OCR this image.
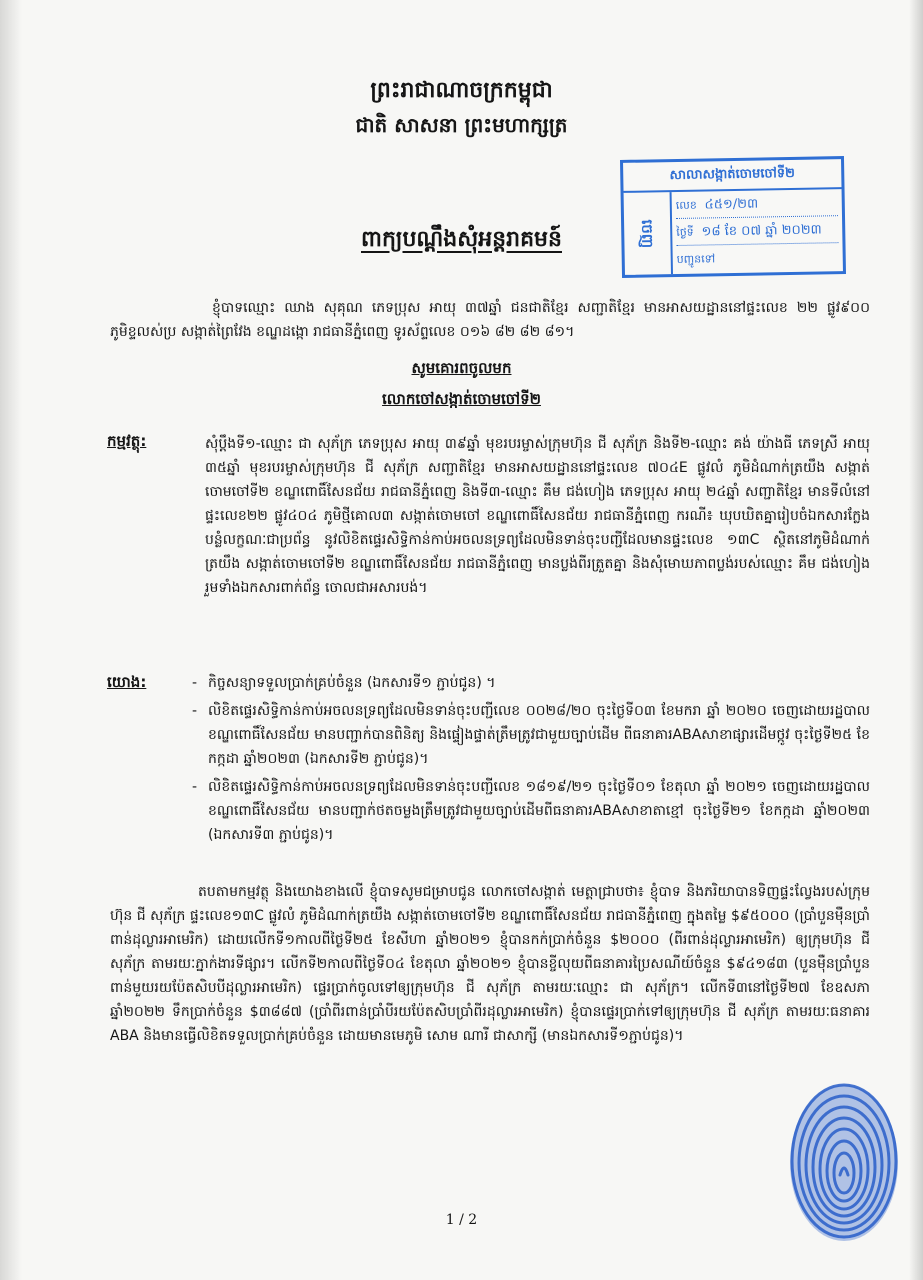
ព្រះរាជាណាចក្រកម្ពុជា
ជាតិ សាសនា ព្រះមហាក្សត្រ
សាលាសង្កាត់ចោមចៅទី២
ចេញ
លេខ ៤៥១/២៣
ថ្ងៃទី ១៨ ខែ ០៧ ឆ្នាំ ២០២៣
បញ្ជូនទៅ
ពាក្យបណ្តឹងសុំអន្តរាគមន៍
ខ្ញុំបាទឈ្មោះ ឈាង សុគុណ ភេទប្រុស អាយុ ៣៧ឆ្នាំ ជនជាតិខ្មែរ សញ្ជាតិខ្មែរ មានអាសយដ្ឋាននៅផ្ទះលេខ ២២ ផ្លូវ៩០០ ភូមិខ្ទលស់ប្រ សង្កាត់ព្រៃវែង ខណ្ឌដង្កោ រាជធានីភ្នំពេញ ទូរស័ព្ទលេខ ០១៦ ៨២ ៨២ ៨១។
សូមគោរពចូលមក
លោកចៅសង្កាត់ចោមចៅទី២
កម្មវត្ថុ:	សុំប្ដឹងទី១-ឈ្មោះ ជា សុភ័ក្រ ភេទប្រុស អាយុ ៣៩ឆ្នាំ មុខរបរម្ចាស់ក្រុមហ៊ុន ជី សុភ័ក្រ និងទី២-ឈ្មោះ គង់ យ៉ាងធី ភេទស្រី អាយុ ៣៥ឆ្នាំ មុខរបរម្ចាស់ក្រុមហ៊ុន ជី សុភ័ក្រ សញ្ជាតិខ្មែរ មានអាសយដ្ឋាននៅផ្ទះលេខ ៧០៤E ផ្លូវលំ ភូមិដំណាក់ត្រយឹង សង្កាត់ចោមចៅទី២ ខណ្ឌពោធិ៍សែនជ័យ រាជធានីភ្នំពេញ និងទី៣-ឈ្មោះ គឹម ជង់ហៀង ភេទប្រុស អាយុ ២៤ឆ្នាំ សញ្ជាតិខ្មែរ មានទីលំនៅផ្ទះលេខ២២ ផ្លូវ៤០៤ ភូមិថ្មីគោល៣ សង្កាត់ចោមចៅ ខណ្ឌពោធិ៍សែនជ័យ រាជធានីភ្នំពេញ ករណី៖ ឃុបឃិតគ្នារៀបចំឯកសារក្លែងបន្លំលក្ខណៈជាប្រព័ន្ធ នូវលិខិតផ្ទេរសិទ្ធិកាន់កាប់អចលនទ្រព្យដែលមិនទាន់ចុះបញ្ជីដែលមានផ្ទះលេខ ១៣C ស្ថិតនៅភូមិដំណាក់ត្រយឹង សង្កាត់ចោមចៅទី២ ខណ្ឌពោធិ៍សែនជ័យ រាជធានីភ្នំពេញ មានប្លង់ពីរត្រួតគ្នា និងសុំមោឃភាពប្លង់របស់ឈ្មោះ គឹម ជង់ហៀង រួមទាំងឯកសារពាក់ព័ន្ធ ចោលជាអសារបង់។
យោង:
-	កិច្ចសន្យាទទួលប្រាក់គ្រប់ចំនួន (ឯកសារទី១ ភ្ជាប់ជូន) ។
- លិខិតផ្ទេរសិទ្ធិកាន់កាប់អចលនទ្រព្យដែលមិនទាន់ចុះបញ្ជីលេខ ០០២៨/២០ ចុះថ្ងៃទី០៣ ខែមករា ឆ្នាំ ២០២០ ចេញដោយរដ្ឋបាលខណ្ឌពោធិ៍សែនជ័យ មានបញ្ជាក់បានពិនិត្យ និងផ្ទៀងផ្ទាត់ត្រឹមត្រូវជាមួយច្បាប់ដើម ពីធនាគារABAសាខាផ្សារដើមថ្កូវ ចុះថ្ងៃទី២៥ ខែកក្កដា ឆ្នាំ២០២៣ (ឯកសារទី២ ភ្ជាប់ជូន)។
- លិខិតផ្ទេរសិទ្ធិកាន់កាប់អចលនទ្រព្យដែលមិនទាន់ចុះបញ្ជីលេខ ១៨១៩/២១ ចុះថ្ងៃទី០១ ខែតុលា ឆ្នាំ ២០២១ ចេញដោយរដ្ឋបាលខណ្ឌពោធិ៍សែនជ័យ មានបញ្ជាក់ថតចម្លងត្រឹមត្រូវជាមួយច្បាប់ដើមពីធនាគារABAសាខាតាខ្មៅ ចុះថ្ងៃទី២១ ខែកក្កដា ឆ្នាំ២០២៣ (ឯកសារទី៣ ភ្ជាប់ជូន)។
តបតាមកម្មវត្ថុ និងយោងខាងលើ ខ្ញុំបាទសូមជម្រាបជូន លោកចៅសង្កាត់ មេត្តាជ្រាបថា៖ ខ្ញុំបាទ និងភរិយាបានទិញផ្ទះល្វែងរបស់ក្រុមហ៊ុន ជី សុភ័ក្រ ផ្ទះលេខ១៣C ផ្លូវលំ ភូមិដំណាក់ត្រយឹង សង្កាត់ចោមចៅទី២ ខណ្ឌពោធិ៍សែនជ័យ រាជធានីភ្នំពេញ ក្នុងតម្លៃ $៩៥០០០ (ប្រាំបួនម៉ឺនប្រាំពាន់ដុល្លារអាមេរិក) ដោយលើកទី១កាលពីថ្ងៃទី២៥ ខែសីហា ឆ្នាំ២០២១ ខ្ញុំបានកក់ប្រាក់ចំនួន $២០០០ (ពីរពាន់ដុល្លារអាមេរិក) ឲ្យក្រុមហ៊ុន ជី សុភ័ក្រ តាមរយៈភ្នាក់ងារទីផ្សារ។ លើកទី២កាលពីថ្ងៃទី០៤ ខែតុលា ឆ្នាំ២០២១ ខ្ញុំបានខ្ចីលុយពីធនាគារប្រៃសណីយ៍ចំនួន $៩៤១៨៣ (បួនម៉ឺនប្រាំបួនពាន់មួយរយប៉ែតសិបបីដុល្លារអាមេរិក) ផ្ទេរប្រាក់ចូលទៅឲ្យក្រុមហ៊ុន ជី សុភ័ក្រ តាមរយៈឈ្មោះ ជា សុភ័ក្រ។ លើកទី៣នៅថ្ងៃទី២៧ ខែឧសភា ឆ្នាំ២០២២ ទឹកប្រាក់ចំនួន $៣៨៨៧ (ប្រាំពីរពាន់ប្រាំបីរយប៉ែតសិបប្រាំពីរដុល្លារអាមេរិក) ខ្ញុំបានផ្ទេរប្រាក់ទៅឲ្យក្រុមហ៊ុន ជី សុភ័ក្រ តាមរយៈធនាគារ ABA និងមានធ្វើលិខិតទទួលប្រាក់គ្រប់ចំនួន ដោយមានមេភូមិ សោម ណារី ជាសាក្សី (មានឯកសារទី១ភ្ជាប់ជូន)។
1 / 2
